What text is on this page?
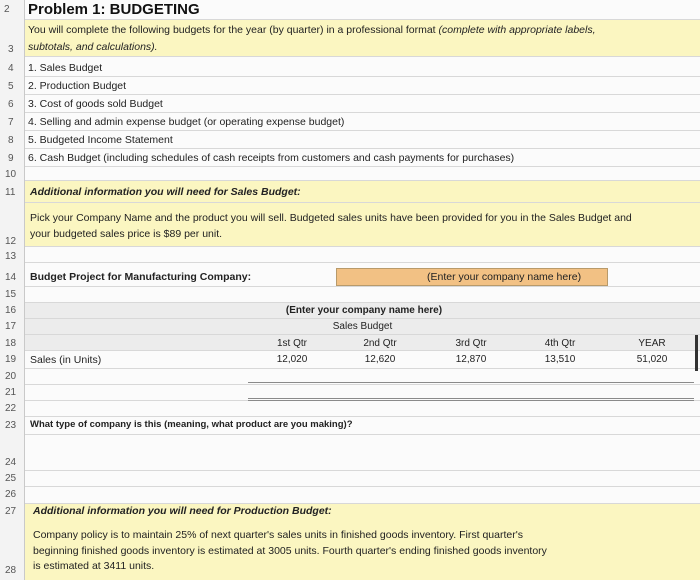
2
3
4
5
6
7
8
9
10
11
12
13
14
15
16
17
18
19
20
21
22
23
24
25
26
27
28
Problem 1: BUDGETING
You will complete the following budgets for the year (by quarter) in a professional format (complete with appropriate labels,
subtotals, and calculations).
1. Sales Budget
2. Production Budget
3. Cost of goods sold Budget
4. Selling and admin expense budget (or operating expense budget)
5. Budgeted Income Statement
6. Cash Budget (including schedules of cash receipts from customers and cash payments for purchases)
Additional information you will need for Sales Budget:
Pick your Company Name and the product you will sell. Budgeted sales units have been provided for you in the Sales Budget and
your budgeted sales price is $89 per unit.
Budget Project for Manufacturing Company:	(Enter your company name here)
(Enter your company name here)
Sales Budget
1st Qtr	2nd Qtr	3rd Qtr	4th Qtr	YEAR
Sales (in Units)	12,020	12,620	12,870	13,510	51,020
What type of company is this (meaning, what product are you making)?
Additional information you will need for Production Budget:
Company policy is to maintain 25% of next quarter's sales units in finished goods inventory. First quarter's
beginning finished goods inventory is estimated at 3005 units. Fourth quarter's ending finished goods inventory
is estimated at 3411 units.
